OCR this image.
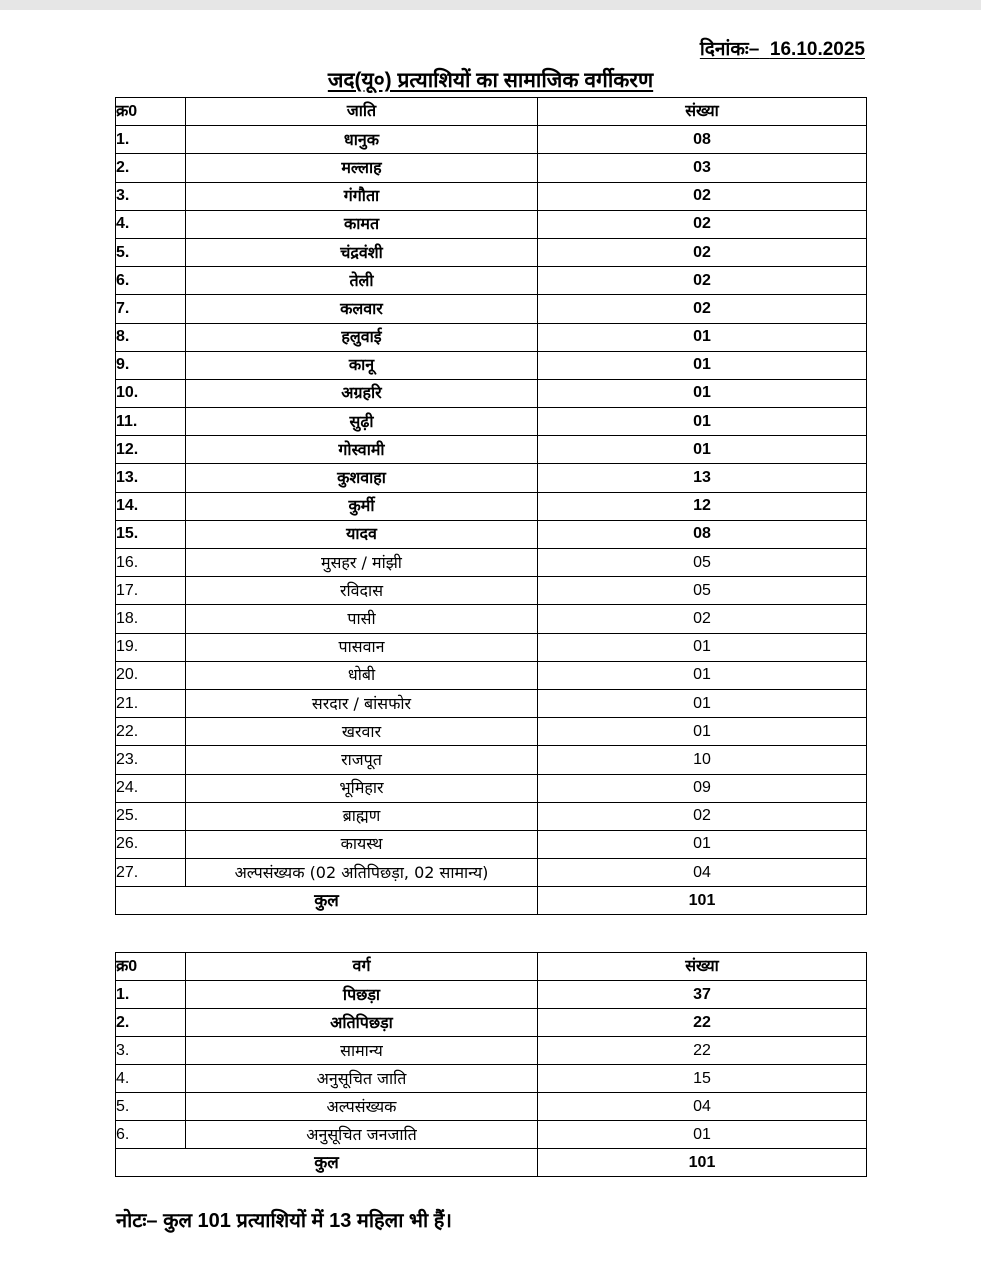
दिनांकः– 16.10.2025
जद(यू०) प्रत्याशियों का सामाजिक वर्गीकरण
क्र0	जाति	संख्या
1.	धानुक	08
2.	मल्लाह	03
3.	गंगौता	02
4.	कामत	02
5.	चंद्रवंशी	02
6.	तेली	02
7.	कलवार	02
8.	हलुवाई	01
9.	कानू	01
10.	अग्रहरि	01
11.	सुढ़ी	01
12.	गोस्वामी	01
13.	कुशवाहा	13
14.	कुर्मी	12
15.	यादव	08
16.	मुसहर / मांझी	05
17.	रविदास	05
18.	पासी	02
19.	पासवान	01
20.	धोबी	01
21.	सरदार / बांसफोर	01
22.	खरवार	01
23.	राजपूत	10
24.	भूमिहार	09
25.	ब्राह्मण	02
26.	कायस्थ	01
27.	अल्पसंख्यक (02 अतिपिछड़ा, 02 सामान्य)	04
कुल		101
क्र0	वर्ग	संख्या
1.	पिछड़ा	37
2.	अतिपिछड़ा	22
3.	सामान्य	22
4.	अनुसूचित जाति	15
5.	अल्पसंख्यक	04
6.	अनुसूचित जनजाति	01
कुल		101
नोटः– कुल 101 प्रत्याशियों में 13 महिला भी हैं।
